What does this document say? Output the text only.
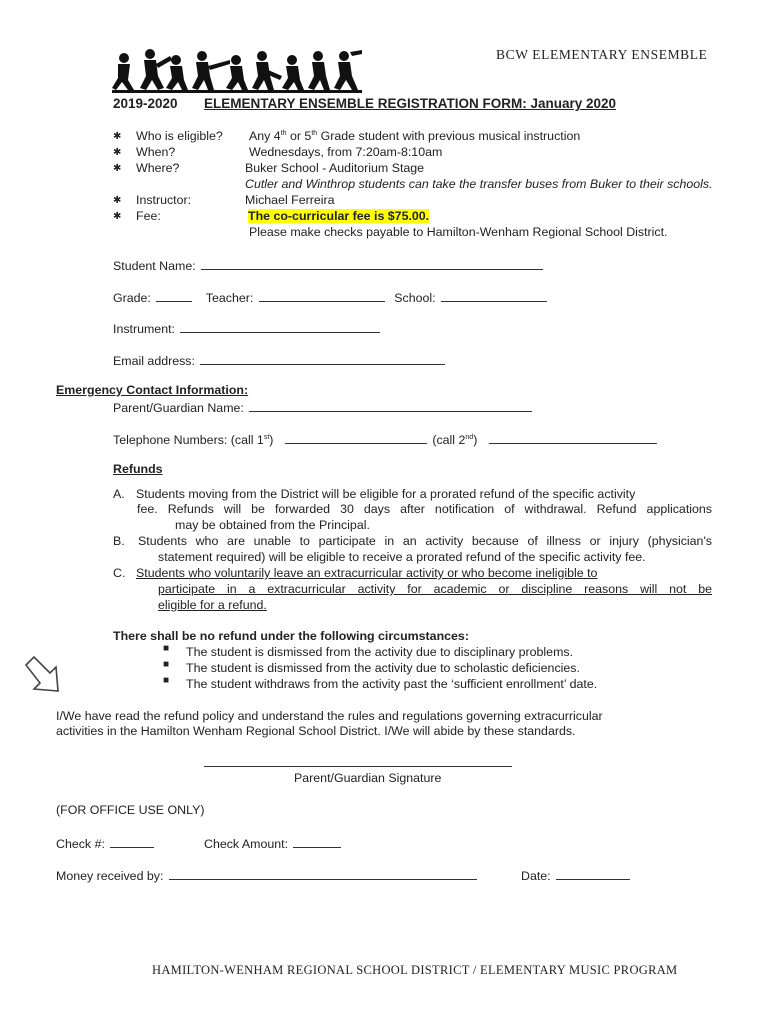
BCW ELEMENTARY ENSEMBLE
2019-2020 ELEMENTARY ENSEMBLE REGISTRATION FORM: January 2020
✱ Who is eligible? Any 4th or 5th Grade student with previous musical instruction
✱ When?	Wednesdays, from 7:20am-8:10am
✱ Where?	Buker School - Auditorium Stage
Cutler and Winthrop students can take the transfer buses from Buker to their schools.
✱ Instructor:	Michael Ferreira
✱ Fee:	The co-curricular fee is $75.00.
Please make checks payable to Hamilton-Wenham Regional School District.
Student Name:
Grade:	Teacher:	School:
Instrument:
Email address:
Emergency Contact Information:
Parent/Guardian Name:
Telephone Numbers: (call 1st)	(call 2nd)
Refunds
A. Students moving from the District will be eligible for a prorated refund of the specific activity
fee. Refunds will be forwarded 30 days after notification of withdrawal. Refund applications
may be obtained from the Principal.
B. Students who are unable to participate in an activity because of illness or injury (physician's
statement required) will be eligible to receive a prorated refund of the specific activity fee.
C. Students who voluntarily leave an extracurricular activity or who become ineligible to
participate in a extracurricular activity for academic or discipline reasons will not be
eligible for a refund.
There shall be no refund under the following circumstances:
■ The student is dismissed from the activity due to disciplinary problems.
■ The student is dismissed from the activity due to scholastic deficiencies.
■ The student withdraws from the activity past the ‘sufficient enrollment’ date.
I/We have read the refund policy and understand the rules and regulations governing extracurricular
activities in the Hamilton Wenham Regional School District. I/We will abide by these standards.
Parent/Guardian Signature
(FOR OFFICE USE ONLY)
Check #:	Check Amount:
Money received by:	Date:
HAMILTON-WENHAM REGIONAL SCHOOL DISTRICT / ELEMENTARY MUSIC PROGRAM
